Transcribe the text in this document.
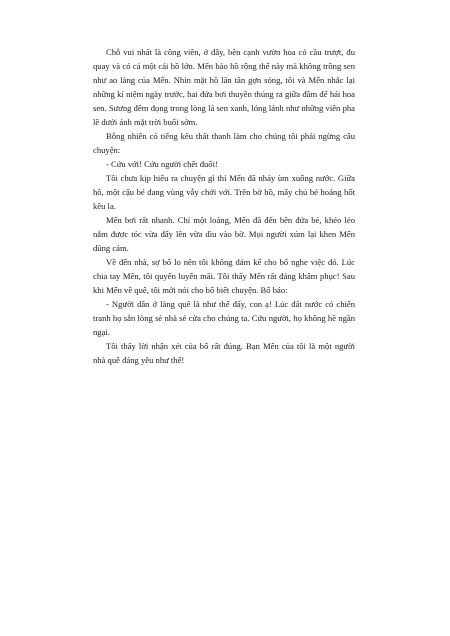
Chỗ vui nhất là công viên, ở đây, bên cạnh vườn hoa có cầu trượt, đu quay và có cả một cái hồ lớn. Mến bảo hồ rộng thế này mà không trồng sen như ao làng của Mến. Nhìn mặt hồ lăn tăn gợn sóng, tôi và Mến nhắc lại những kí niệm ngày trước, hai đứa bơi thuyền thúng ra giữa đầm để hái hoa sen. Sương đêm đọng trong lòng lá sen xanh, lóng lánh như những viên pha lê dưới ánh mặt trời buổi sớm.

Bỗng nhiên có tiếng kêu thất thanh làm cho chúng tôi phải ngừng câu chuyện:

- Cứu với! Cứu người chết đuối!

Tôi chưa kịp hiểu ra chuyện gì thì Mến đã nhảy ùm xuống nước. Giữa hồ, một cậu bé đang vùng vẫy chới với. Trên bờ hồ, mấy chú bé hoảng hốt kêu la.

Mến bơi rất nhanh. Chỉ một loáng, Mến đã đến bên đứa bé, khéo léo nắm được tóc vừa đẩy lên vừa dìu vào bờ. Mọi người xúm lại khen Mến dũng cảm.

Về đến nhà, sợ bố lo nên tôi không dám kể cho bố nghe việc đó. Lúc chia tay Mến, tôi quyến luyến mãi. Tôi thấy Mến rất đáng khâm phục! Sau khi Mến về quê, tôi mới nói cho bố biết chuyện. Bố bảo:

- Người dân ở làng quê là như thế đấy, con ạ! Lúc đất nước có chiến tranh họ sẵn lòng sẻ nhà sẻ cửa cho chúng ta. Cứu người, họ không hề ngần ngại.

Tôi thấy lời nhận xét của bố rất đúng. Bạn Mến của tôi là một người nhà quê đáng yêu như thế!
